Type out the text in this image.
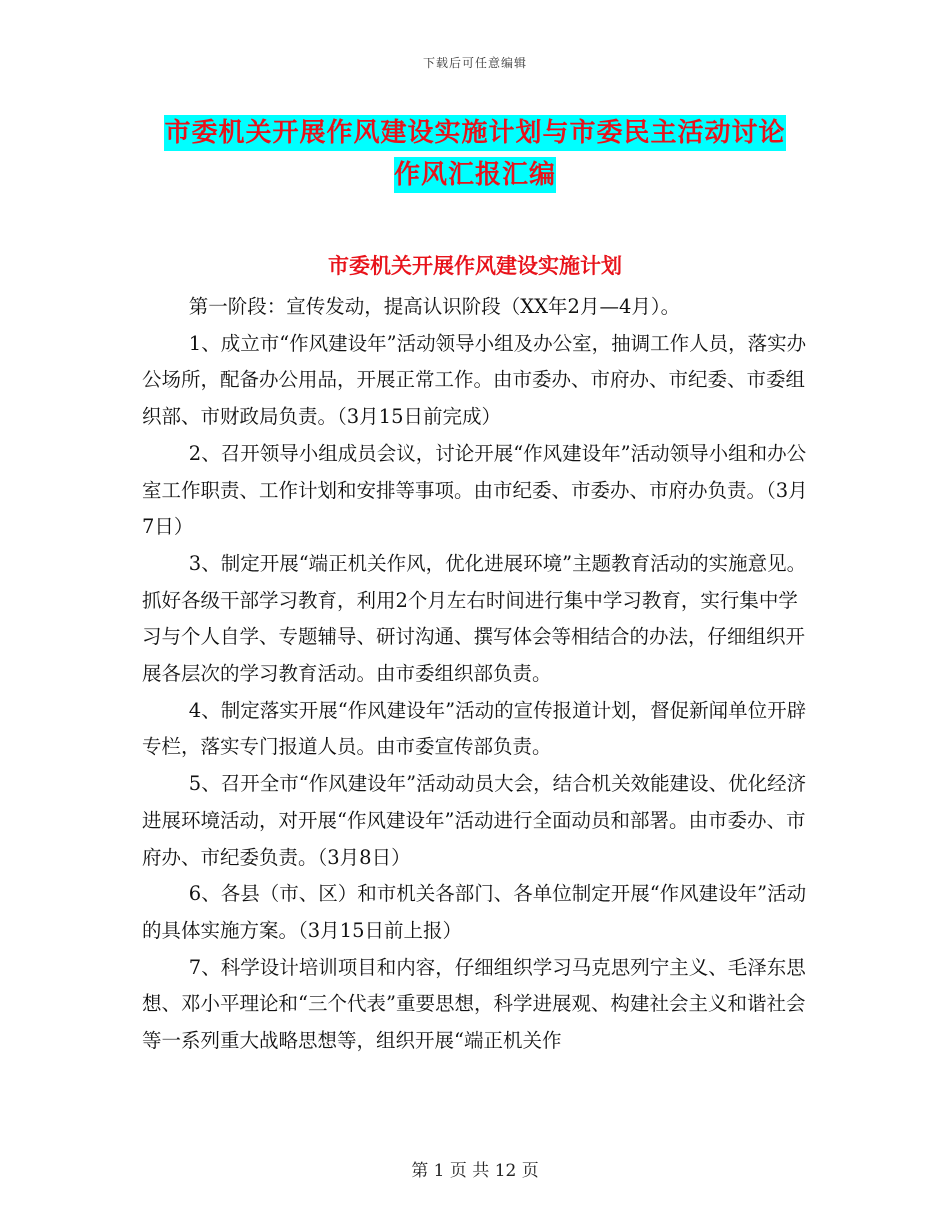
下载后可任意编辑
市委机关开展作风建设实施计划与市委民主活动讨论
作风汇报汇编
市委机关开展作风建设实施计划

第一阶段：宣传发动，提高认识阶段（XX年2月—4月）。

1、成立市“作风建设年”活动领导小组及办公室，抽调工作人员，落实办公场所，配备办公用品，开展正常工作。由市委办、市府办、市纪委、市委组织部、市财政局负责。（3月15日前完成）

2、召开领导小组成员会议，讨论开展“作风建设年”活动领导小组和办公室工作职责、工作计划和安排等事项。由市纪委、市委办、市府办负责。（3月7日）

3、制定开展“端正机关作风，优化进展环境”主题教育活动的实施意见。抓好各级干部学习教育，利用2个月左右时间进行集中学习教育，实行集中学习与个人自学、专题辅导、研讨沟通、撰写体会等相结合的办法，仔细组织开展各层次的学习教育活动。由市委组织部负责。

4、制定落实开展“作风建设年”活动的宣传报道计划，督促新闻单位开辟专栏，落实专门报道人员。由市委宣传部负责。

5、召开全市“作风建设年”活动动员大会，结合机关效能建设、优化经济进展环境活动，对开展“作风建设年”活动进行全面动员和部署。由市委办、市府办、市纪委负责。（3月8日）

6、各县（市、区）和市机关各部门、各单位制定开展“作风建设年”活动的具体实施方案。（3月15日前上报）

7、科学设计培训项目和内容，仔细组织学习马克思列宁主义、毛泽东思想、邓小平理论和“三个代表”重要思想，科学进展观、构建社会主义和谐社会等一系列重大战略思想等，组织开展“端正机关作

第 1 页 共 12 页
